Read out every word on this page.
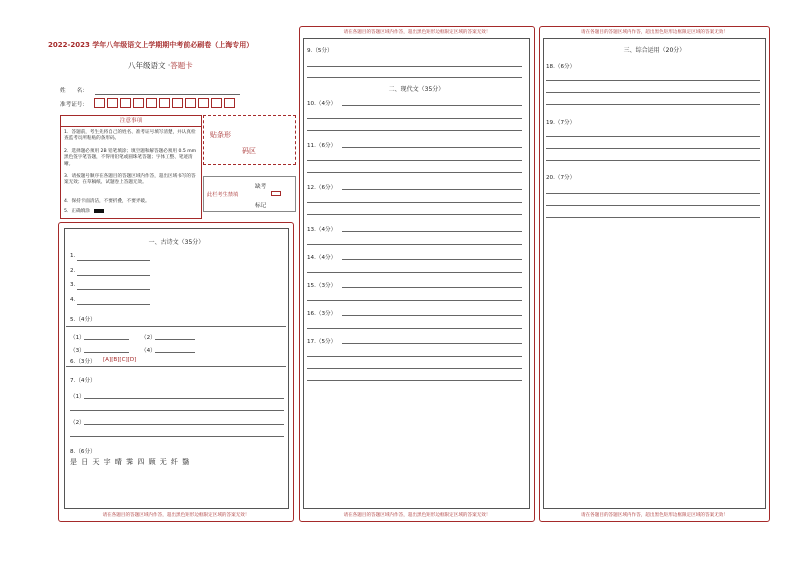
2022-2023 学年八年级语文上学期期中考前必刷卷（上海专用）
八年级语文 ·答题卡
姓　　名：
准考证号：
注意事项
1．答题前，考生先将自己的姓名、准考证号填写清楚，并认真检查监考员所粘贴的条形码。
2．选择题必须用 2B 铅笔填涂；填空题和解答题必须用 0.5 mm 黑色签字笔答题，不得用铅笔或圆珠笔答题；字体工整、笔迹清晰。
3．请按题号顺序在各题目的答题区域内作答，超出区域书写的答案无效；在草稿纸、试题卷上答题无效。
4．保持卡面清洁，不要折叠，不要弄破。
5．正确填涂
贴条形
码区
此栏考生禁填
缺考
标记
一、古诗文（35分）
1.
2.
3.
4.
5.（4分）
（1）	（2）
（3）	（4）
6.（3分） [A][B][C][D]
7.（4分）
（1）
（2）
8.（6分）
是 日 天 宇 晴 霁 四 顾 无 纤 翳
请在各题目的答题区域内作答，超出黑色矩形边框限定区域的答案无效！
请在各题目的答题区域内作答，超出黑色矩形边框限定区域的答案无效！
9.（5分）
二、现代文（35分）
10.（4分）
11.（6分）
12.（6分）
13.（4分）
14.（4分）
15.（3分）
16.（3分）
17.（5分）
请在各题目的答题区域内作答，超出黑色矩形边框限定区域的答案无效！
请在各题目的答题区域内作答，超出黑色矩形边框限定区域的答案无效！
三、综合运用（20分）
18.（6分）
19.（7分）
20.（7分）
请在各题目的答题区域内作答，超出黑色矩形边框限定区域的答案无效！
